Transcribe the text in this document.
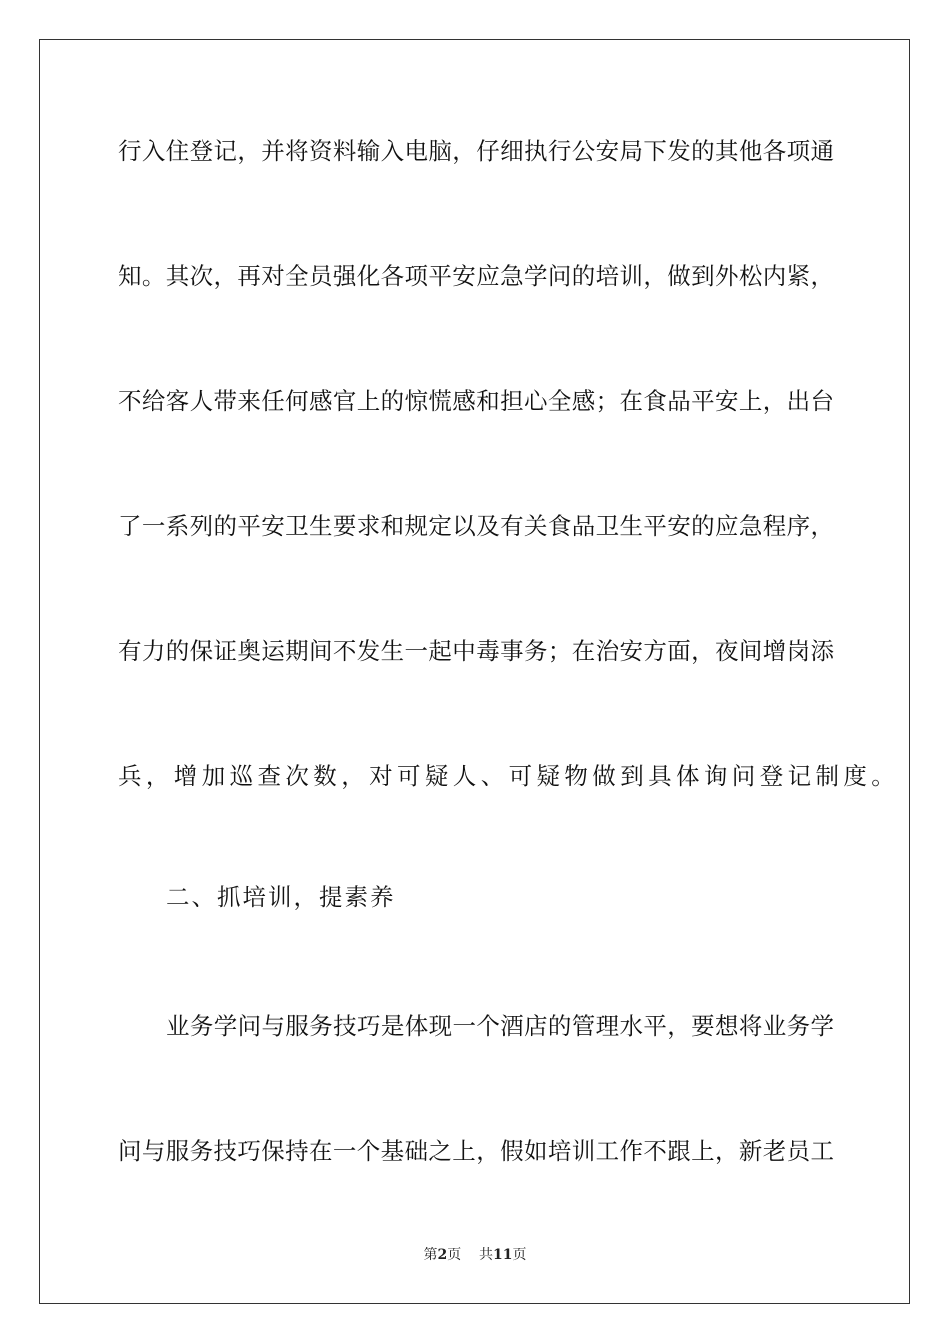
行入住登记，并将资料输入电脑，仔细执行公安局下发的其他各项通
知。其次，再对全员强化各项平安应急学问的培训，做到外松内紧，
不给客人带来任何感官上的惊慌感和担心全感；在食品平安上，出台
了一系列的平安卫生要求和规定以及有关食品卫生平安的应急程序，
有力的保证奥运期间不发生一起中毒事务；在治安方面，夜间增岗添
兵，增加巡查次数，对可疑人、可疑物做到具体询问登记制度。
二、抓培训，提素养
业务学问与服务技巧是体现一个酒店的管理水平，要想将业务学
问与服务技巧保持在一个基础之上，假如培训工作不跟上，新老员工
第2页 共11页
